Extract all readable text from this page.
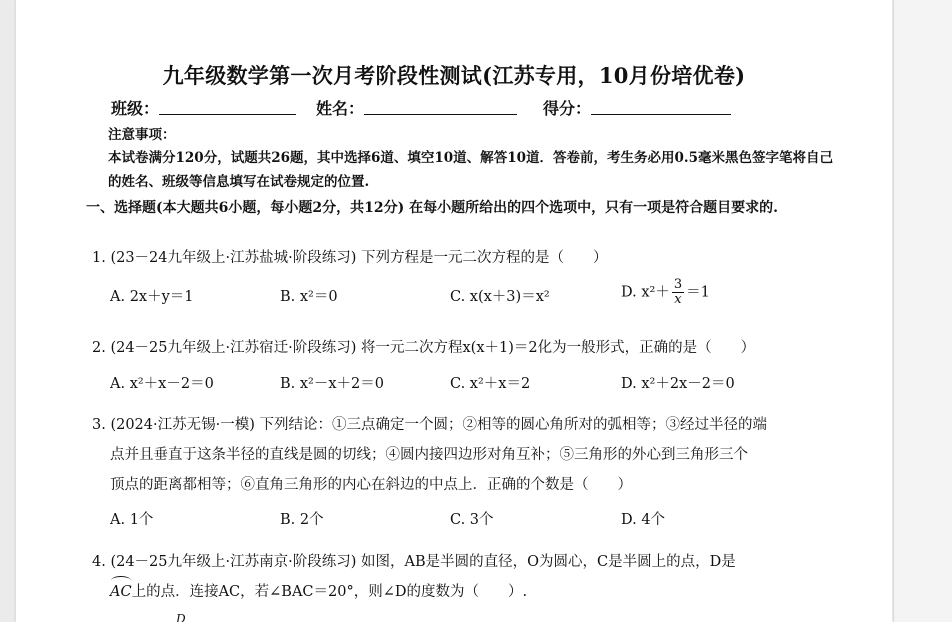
九年级数学第一次月考阶段性测试(江苏专用，10月份培优卷)
班级：	姓名：	得分：
注意事项：
本试卷满分120分，试题共26题，其中选择6道、填空10道、解答10道．答卷前，考生务必用0.5毫米黑色签字笔将自己的姓名、班级等信息填写在试卷规定的位置.
一、选择题(本大题共6小题，每小题2分，共12分) 在每小题所给出的四个选项中，只有一项是符合题目要求的.
1. (23－24九年级上·江苏盐城·阶段练习) 下列方程是一元二次方程的是（　　）
A. 2x＋y＝1	B. x²＝0	C. x(x＋3)＝x²	D. $x^2+ \frac{3}{x} =1$
2. (24－25九年级上·江苏宿迁·阶段练习) 将一元二次方程x(x＋1)＝2化为一般形式，正确的是（　　）
A. x²＋x－2＝0	B. x²－x＋2＝0	C. x²＋x＝2	D. x²＋2x－2＝0
3. (2024·江苏无锡·一模) 下列结论：①三点确定一个圆；②相等的圆心角所对的弧相等；③经过半径的端
点并且垂直于这条半径的直线是圆的切线；④圆内接四边形对角互补；⑤三角形的外心到三角形三个
顶点的距离都相等；⑥直角三角形的内心在斜边的中点上．正确的个数是（　　）
A. 1个	B. 2个	C. 3个	D. 4个
4. (24－25九年级上·江苏南京·阶段练习) 如图，AB是半圆的直径，O为圆心，C是半圆上的点，D是
AC上的点．连接AC，若∠BAC＝20°，则∠D的度数为（　　）.
D
